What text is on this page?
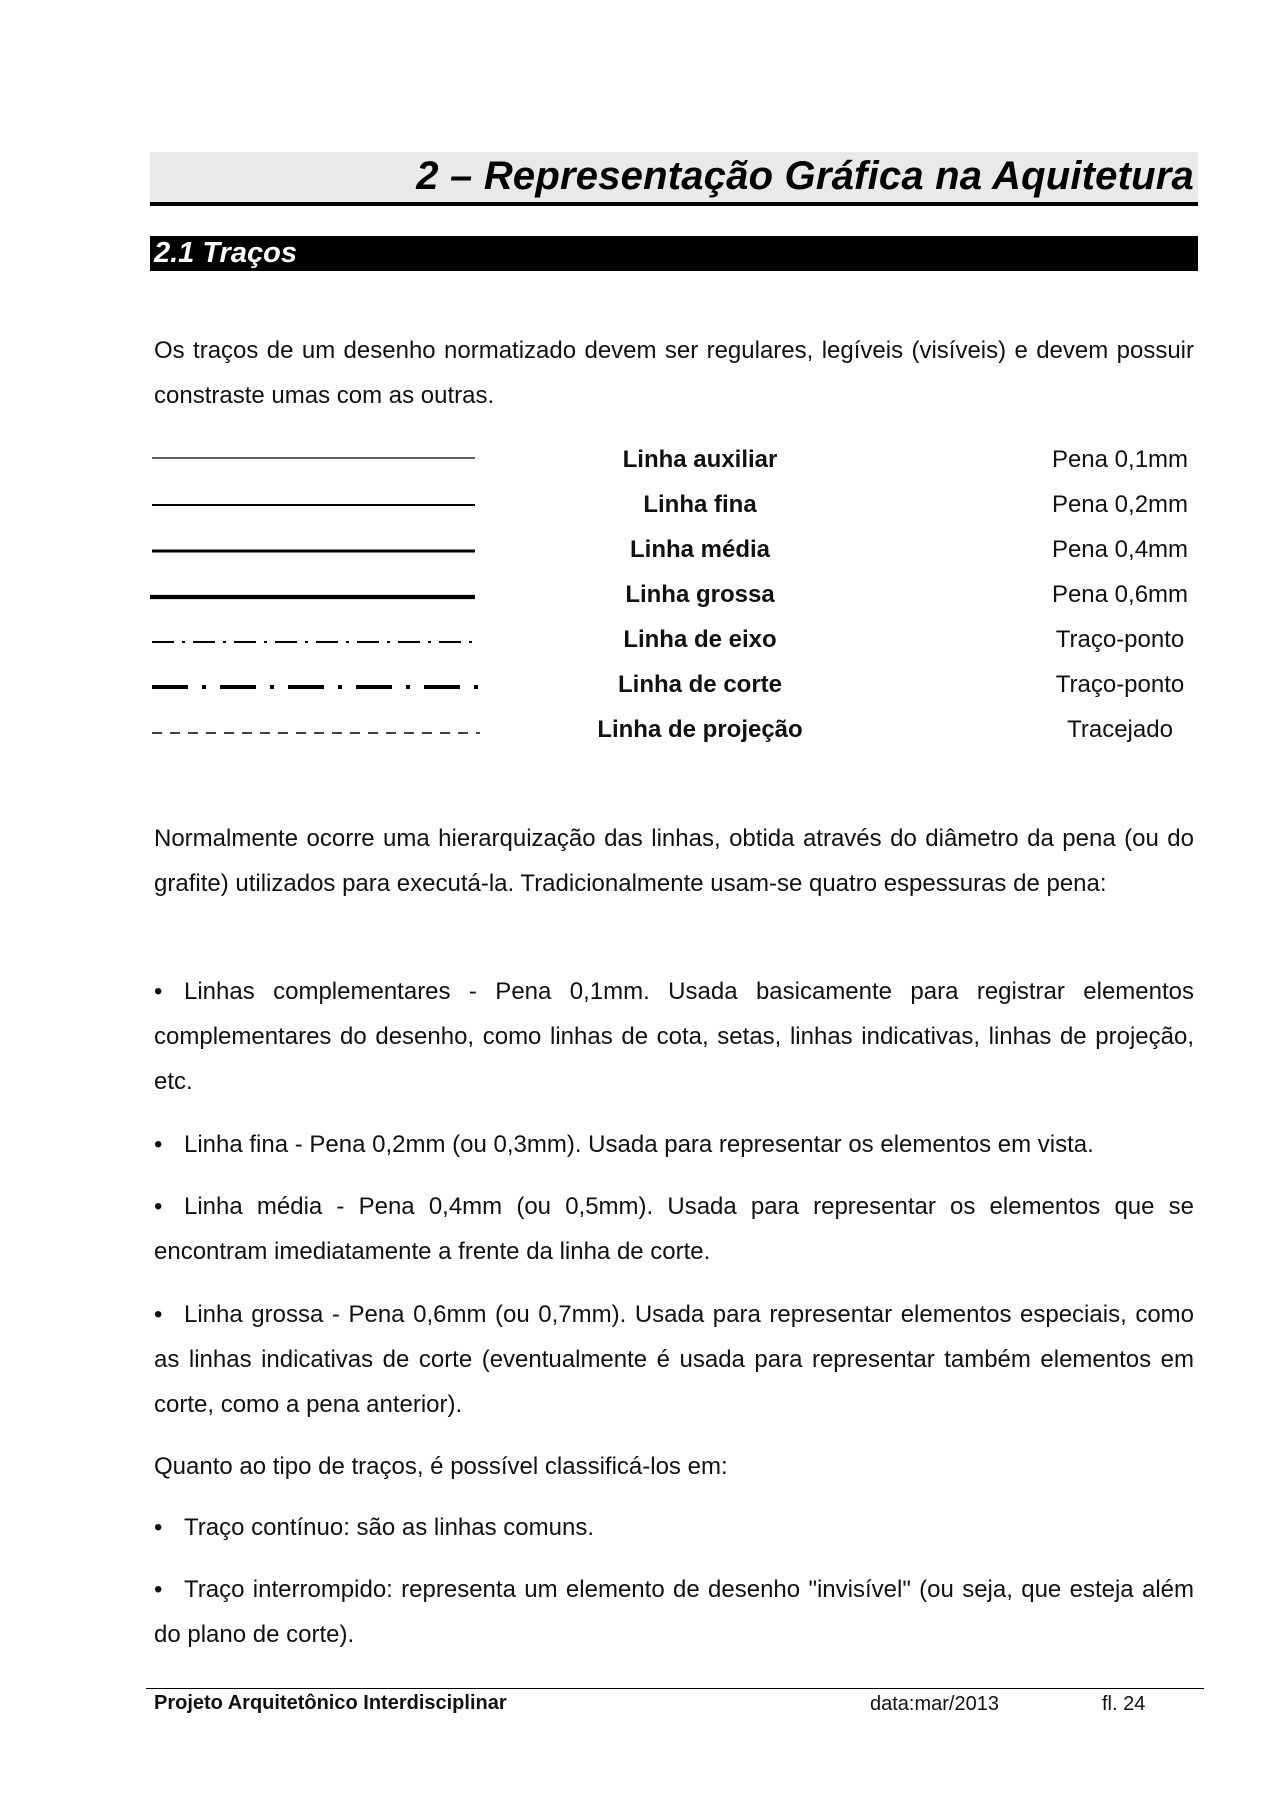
2 – Representação Gráfica na Aquitetura
2.1 Traços

Os traços de um desenho normatizado devem ser regulares, legíveis (visíveis) e devem possuir constraste umas com as outras.

Linha auxiliar	Pena 0,1mm
Linha fina	Pena 0,2mm
Linha média	Pena 0,4mm
Linha grossa	Pena 0,6mm
Linha de eixo	Traço-ponto
Linha de corte	Traço-ponto
Linha de projeção	Tracejado

Normalmente ocorre uma hierarquização das linhas, obtida através do diâmetro da pena (ou do grafite) utilizados para executá-la. Tradicionalmente usam-se quatro espessuras de pena:

• Linhas complementares - Pena 0,1mm. Usada basicamente para registrar elementos complementares do desenho, como linhas de cota, setas, linhas indicativas, linhas de projeção, etc.

• Linha fina - Pena 0,2mm (ou 0,3mm). Usada para representar os elementos em vista.

• Linha média - Pena 0,4mm (ou 0,5mm). Usada para representar os elementos que se encontram imediatamente a frente da linha de corte.

• Linha grossa - Pena 0,6mm (ou 0,7mm). Usada para representar elementos especiais, como as linhas indicativas de corte (eventualmente é usada para representar também elementos em corte, como a pena anterior).

Quanto ao tipo de traços, é possível classificá-los em:

• Traço contínuo: são as linhas comuns.

• Traço interrompido: representa um elemento de desenho "invisível" (ou seja, que esteja além do plano de corte).

Projeto Arquitetônico Interdisciplinar	data:mar/2013	fl. 24
